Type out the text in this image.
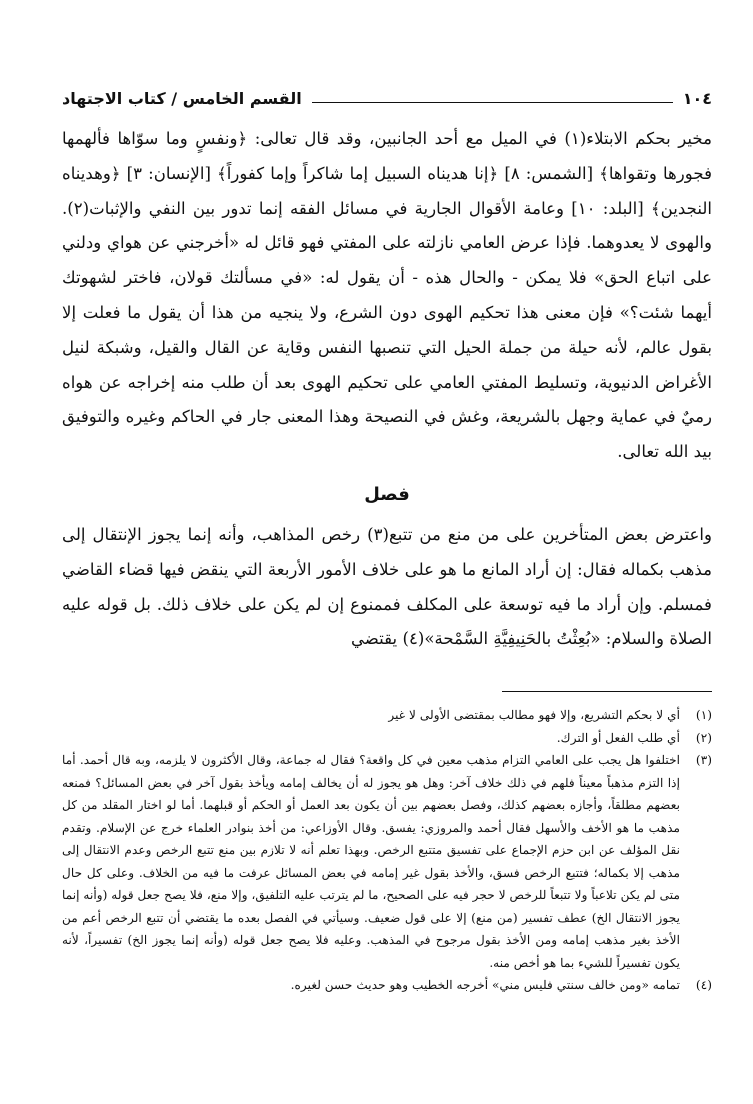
١٠٤
القسم الخامس / كتاب الاجتهاد

مخير بحكم الابتلاء(١) في الميل مع أحد الجانبين، وقد قال تعالى: ﴿ونفسٍ وما سوّاها فألهمها فجورها وتقواها﴾ [الشمس: ٨] ﴿إنا هديناه السبيل إما شاكراً وإما كفوراً﴾ [الإنسان: ٣] ﴿وهديناه النجدين﴾ [البلد: ١٠] وعامة الأقوال الجارية في مسائل الفقه إنما تدور بين النفي والإثبات(٢). والهوى لا يعدوهما. فإذا عرض العامي نازلته على المفتي فهو قائل له «أخرجني عن هواي ودلني على اتباع الحق» فلا يمكن - والحال هذه - أن يقول له: «في مسألتك قولان، فاختر لشهوتك أيهما شئت؟» فإن معنى هذا تحكيم الهوى دون الشرع، ولا ينجيه من هذا أن يقول ما فعلت إلا بقول عالم، لأنه حيلة من جملة الحيل التي تنصبها النفس وقاية عن القال والقيل، وشبكة لنيل الأغراض الدنيوية، وتسليط المفتي العامي على تحكيم الهوى بعد أن طلب منه إخراجه عن هواه رميٌ في عماية وجهل بالشريعة، وغش في النصيحة وهذا المعنى جار في الحاكم وغيره والتوفيق بيد الله تعالى.

فصل

واعترض بعض المتأخرين على من منع من تتبع(٣) رخص المذاهب، وأنه إنما يجوز الإنتقال إلى مذهب بكماله فقال: إن أراد المانع ما هو على خلاف الأمور الأربعة التي ينقض فيها قضاء القاضي فمسلم. وإن أراد ما فيه توسعة على المكلف فممنوع إن لم يكن على خلاف ذلك. بل قوله عليه الصلاة والسلام: «بُعِثْتُ بالحَنِيفِيَّةِ السَّمْحة»(٤) يقتضي

(١)
أي لا بحكم التشريع، وإلا فهو مطالب بمقتضى الأولى لا غير
(٢)
أي طلب الفعل أو الترك.
(٣)
اختلفوا هل يجب على العامي التزام مذهب معين في كل واقعة؟ فقال له جماعة، وقال الأكثرون لا يلزمه، وبه قال أحمد. أما إذا التزم مذهباً معيناً فلهم في ذلك خلاف آخر: وهل هو يجوز له أن يخالف إمامه ويأخذ بقول آخر في بعض المسائل؟ فمنعه بعضهم مطلقاً، وأجازه بعضهم كذلك، وفصل بعضهم بين أن يكون بعد العمل أو الحكم أو قبلهما. أما لو اختار المقلد من كل مذهب ما هو الأخف والأسهل فقال أحمد والمروزي: يفسق. وقال الأوزاعي: من أخذ بنوادر العلماء خرج عن الإسلام. وتقدم نقل المؤلف عن ابن حزم الإجماع على تفسيق متتبع الرخص. وبهذا تعلم أنه لا تلازم بين منع تتبع الرخص وعدم الانتقال إلى مذهب إلا بكماله؛ فتتبع الرخص فسق، والأخذ بقول غير إمامه في بعض المسائل عرفت ما فيه من الخلاف. وعلى كل حال متى لم يكن تلاعباً ولا تتبعاً للرخص لا حجر فيه على الصحيح، ما لم يترتب عليه التلفيق، وإلا منع، فلا يصح جعل قوله (وأنه إنما يجوز الانتقال الخ) عطف تفسير (من منع) إلا على قول ضعيف. وسيأتي في الفصل بعده ما يقتضي أن تتبع الرخص أعم من الأخذ بغير مذهب إمامه ومن الأخذ بقول مرجوح في المذهب. وعليه فلا يصح جعل قوله (وأنه إنما يجوز الخ) تفسيراً، لأنه يكون تفسيراً للشيء بما هو أخص منه.
(٤)
تمامه «ومن خالف سنتي فليس مني» أخرجه الخطيب وهو حديث حسن لغيره.
